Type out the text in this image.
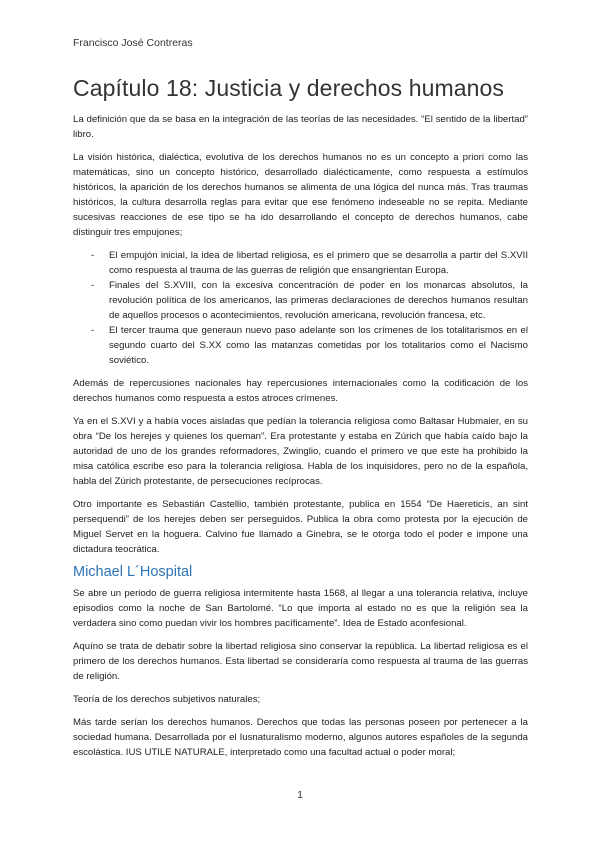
Francisco José Contreras
Capítulo 18: Justicia y derechos humanos

La definición que da se basa en la integración de las teorías de las necesidades. “El sentido de la libertad” libro.

La visión histórica, dialéctica, evolutiva de los derechos humanos no es un concepto a priori como las matemáticas, sino un concepto histórico, desarrollado dialécticamente, como respuesta a estímulos históricos, la aparición de los derechos humanos se alimenta de una lógica del nunca más. Tras traumas históricos, la cultura desarrolla reglas para evitar que ese fenómeno indeseable no se repita. Mediante sucesivas reacciones de ese tipo se ha ido desarrollando el concepto de derechos humanos, cabe distinguir tres empujones;

- El empujón inicial, la idea de libertad religiosa, es el primero que se desarrolla a partir del S.XVII como respuesta al trauma de las guerras de religión que ensangrientan Europa.
- Finales del S.XVIII, con la excesiva concentración de poder en los monarcas absolutos, la revolución política de los americanos, las primeras declaraciones de derechos humanos resultan de aquellos procesos o acontecimientos, revolución americana, revolución francesa, etc.
- El tercer trauma que generaun nuevo paso adelante son los crímenes de los totalitarismos en el segundo cuarto del S.XX como las matanzas cometidas por los totalitarios como el Nacismo soviético.

Además de repercusiones nacionales hay repercusiones internacionales como la codificación de los derechos humanos como respuesta a estos atroces crímenes.

Ya en el S.XVI y a había voces aisladas que pedían la tolerancia religiosa como Baltasar Hubmaier, en su obra “De los herejes y quienes los queman”. Era protestante y estaba en Zúrich que había caído bajo la autoridad de uno de los grandes reformadores, Zwinglio, cuando el primero ve que este ha prohibido la misa católica escribe eso para la tolerancia religiosa. Habla de los inquisidores, pero no de la española, habla del Zúrich protestante, de persecuciones recíprocas.

Otro importante es Sebastián Castellio, también protestante, publica en 1554 “De Haereticis, an sint persequendi” de los herejes deben ser perseguidos. Publica la obra como protesta por la ejecución de Miguel Servet en la hoguera. Calvino fue llamado a Ginebra, se le otorga todo el poder e impone una dictadura teocrática.

Michael L´Hospital

Se abre un periodo de guerra religiosa intermitente hasta 1568, al llegar a una tolerancia relativa, incluye episodios como la noche de San Bartolomé. “Lo que importa al estado no es que la religión sea la verdadera sino como puedan vivir los hombres pacíficamente”. Idea de Estado aconfesional.

Aquíno se trata de debatir sobre la libertad religiosa sino conservar la república. La libertad religiosa es el primero de los derechos humanos. Esta libertad se consideraría como respuesta al trauma de las guerras de religión.

Teoría de los derechos subjetivos naturales;

Más tarde serían los derechos humanos. Derechos que todas las personas poseen por pertenecer a la sociedad humana. Desarrollada por el Iusnaturalismo moderno, algunos autores españoles de la segunda escolástica. IUS UTILE NATURALE, interpretado como una facultad actual o poder moral;

1
